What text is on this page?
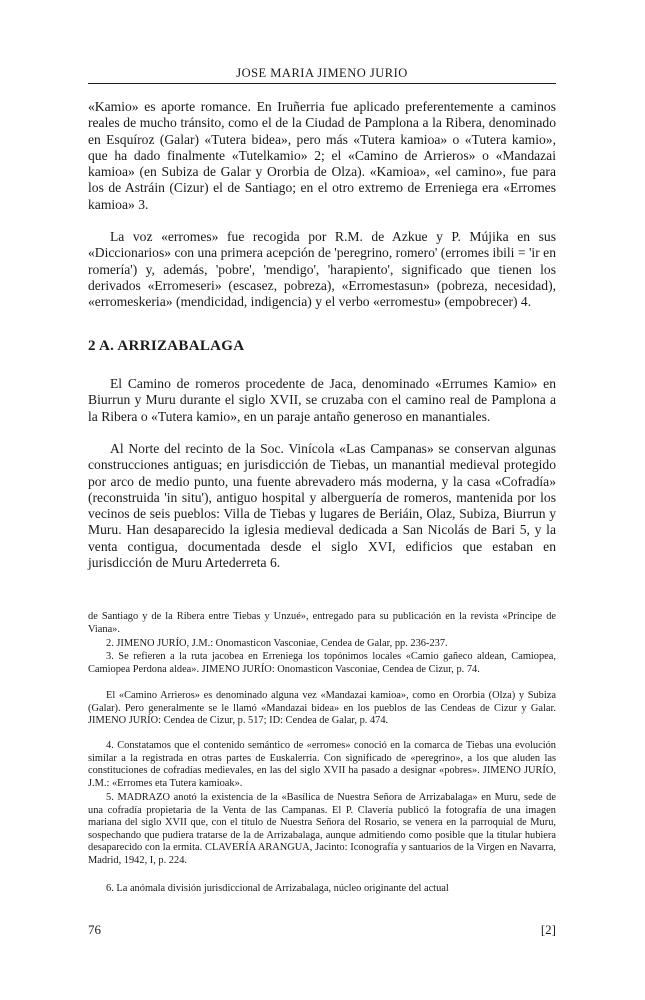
JOSE MARIA JIMENO JURIO

«Kamio» es aporte romance. En Iruñerria fue aplicado preferentemente a caminos reales de mucho tránsito, como el de la Ciudad de Pamplona a la Ribera, denominado en Esquíroz (Galar) «Tutera bidea», pero más «Tutera kamioa» o «Tutera kamio», que ha dado finalmente «Tutelkamio» 2; el «Camino de Arrieros» o «Mandazai kamioa» (en Subiza de Galar y Ororbia de Olza). «Kamioa», «el camino», fue para los de Astráin (Cizur) el de Santiago; en el otro extremo de Erreniega era «Erromes kamioa» 3.

La voz «erromes» fue recogida por R.M. de Azkue y P. Mújika en sus «Diccionarios» con una primera acepción de 'peregrino, romero' (erromes ibili = 'ir en romería') y, además, 'pobre', 'mendigo', 'harapiento', significado que tienen los derivados «Erromeseri» (escasez, pobreza), «Erromestasun» (pobreza, necesidad), «erromeskeria» (mendicidad, indigencia) y el verbo «erromestu» (empobrecer) 4.

2 A. ARRIZABALAGA

El Camino de romeros procedente de Jaca, denominado «Errumes Kamio» en Biurrun y Muru durante el siglo XVII, se cruzaba con el camino real de Pamplona a la Ribera o «Tutera kamio», en un paraje antaño generoso en manantiales.

Al Norte del recinto de la Soc. Vinícola «Las Campanas» se conservan algunas construcciones antiguas; en jurisdicción de Tiebas, un manantial medieval protegido por arco de medio punto, una fuente abrevadero más moderna, y la casa «Cofradía» (reconstruida 'in situ'), antiguo hospital y alberguería de romeros, mantenida por los vecinos de seis pueblos: Villa de Tiebas y lugares de Beriáin, Olaz, Subiza, Biurrun y Muru. Han desaparecido la iglesia medieval dedicada a San Nicolás de Bari 5, y la venta contigua, documentada desde el siglo XVI, edificios que estaban en jurisdicción de Muru Artederreta 6.

de Santiago y de la Ribera entre Tiebas y Unzué», entregado para su publicación en la revista «Príncipe de Viana».

2. JIMENO JURÍO, J.M.: Onomasticon Vasconiae, Cendea de Galar, pp. 236-237.

3. Se refieren a la ruta jacobea en Erreniega los topónimos locales «Camio gañeco aldean, Camiopea, Camiopea Perdona aldea». JIMENO JURÍO: Onomasticon Vasconiae, Cendea de Cizur, p. 74.

El «Camino Arrieros» es denominado alguna vez «Mandazai kamioa», como en Ororbia (Olza) y Subiza (Galar). Pero generalmente se le llamó «Mandazai bidea» en los pueblos de las Cendeas de Cizur y Galar. JIMENO JURÍO: Cendea de Cizur, p. 517; ID: Cendea de Galar, p. 474.

4. Constatamos que el contenido semántico de «erromes» conoció en la comarca de Tiebas una evolución similar a la registrada en otras partes de Euskalerria. Con significado de «peregrino», a los que aluden las constituciones de cofradías medievales, en las del siglo XVII ha pasado a designar «pobres». JIMENO JURÍO, J.M.: «Erromes eta Tutera kamioak».

5. MADRAZO anotó la existencia de la «Basílica de Nuestra Señora de Arrizabalaga» en Muru, sede de una cofradía propietaria de la Venta de las Campanas. El P. Clavería publicó la fotografía de una imagen mariana del siglo XVII que, con el título de Nuestra Señora del Rosario, se venera en la parroquial de Muru, sospechando que pudiera tratarse de la de Arrizabalaga, aunque admitiendo como posible que la titular hubiera desaparecido con la ermita. CLAVERÍA ARANGUA, Jacinto: Iconografía y santuarios de la Virgen en Navarra, Madrid, 1942, I, p. 224.

6. La anómala división jurisdiccional de Arrizabalaga, núcleo originante del actual

76	[2]
